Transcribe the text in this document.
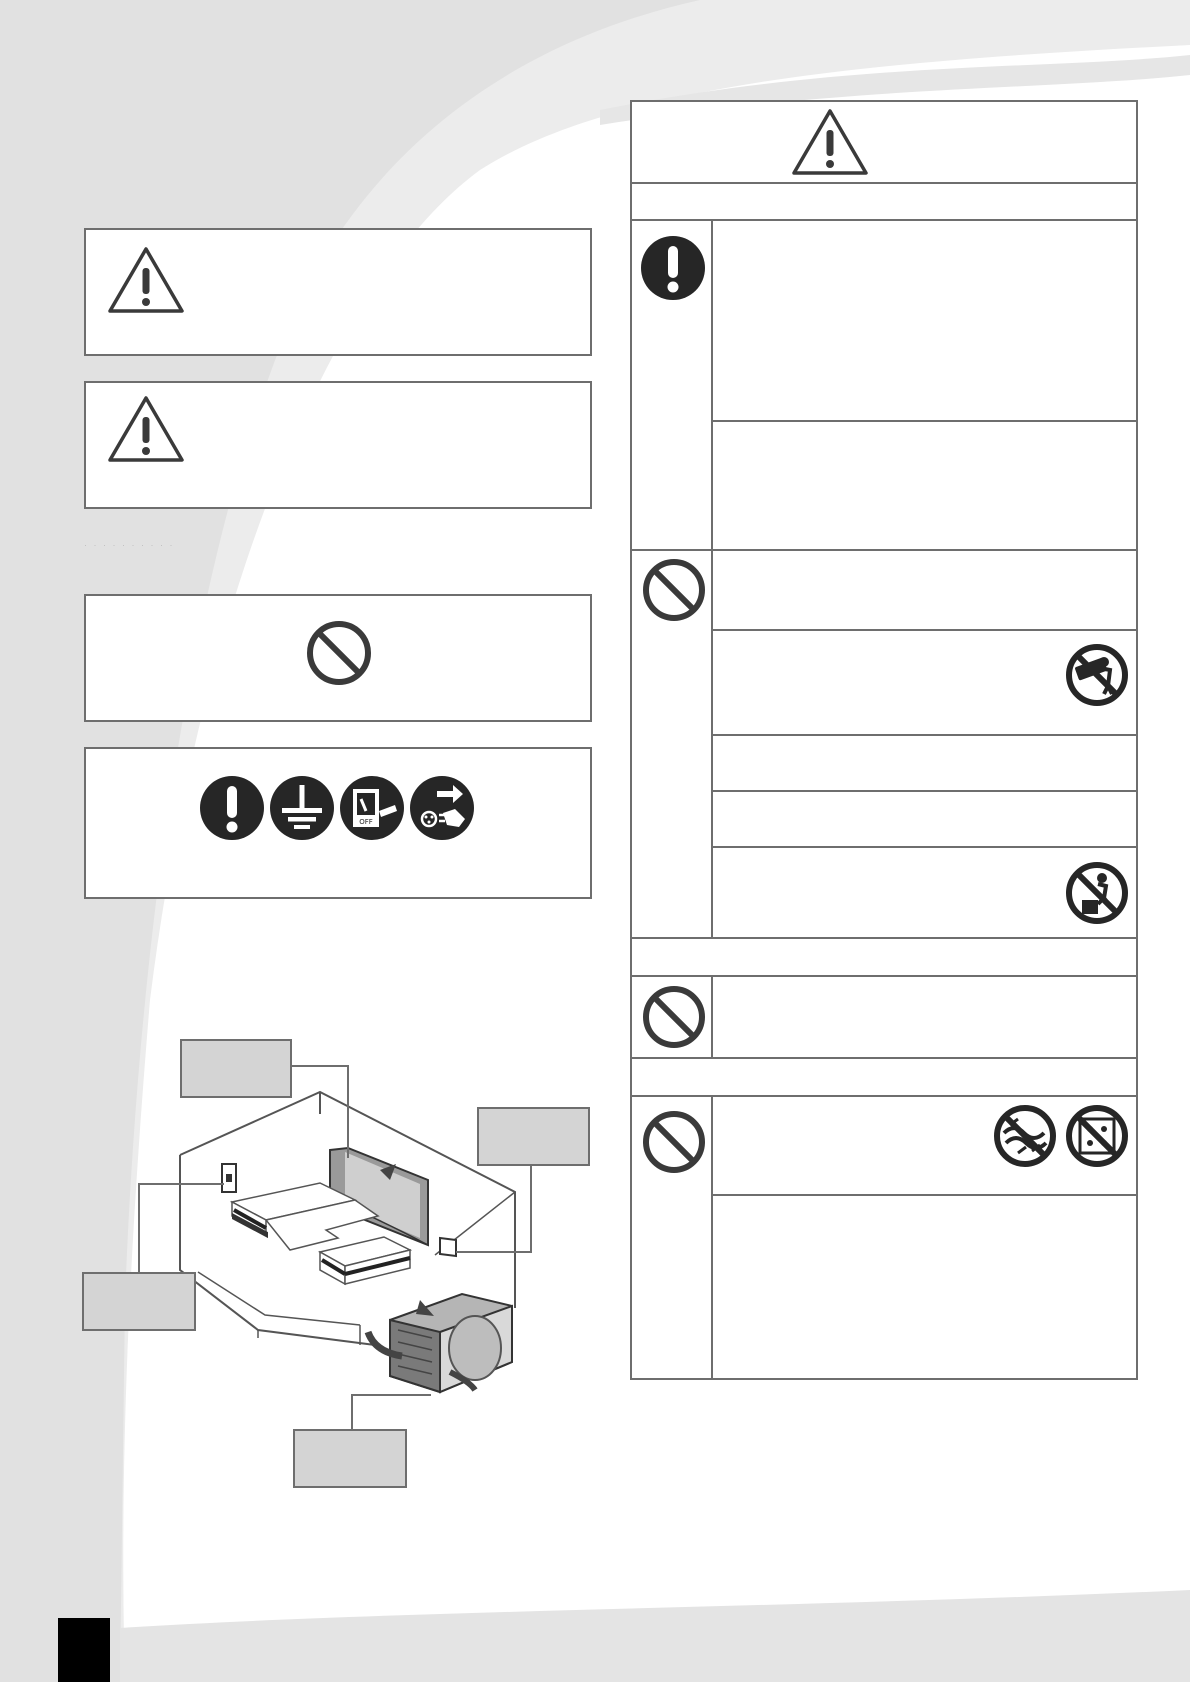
· · · · · · · · · ·
OFF
